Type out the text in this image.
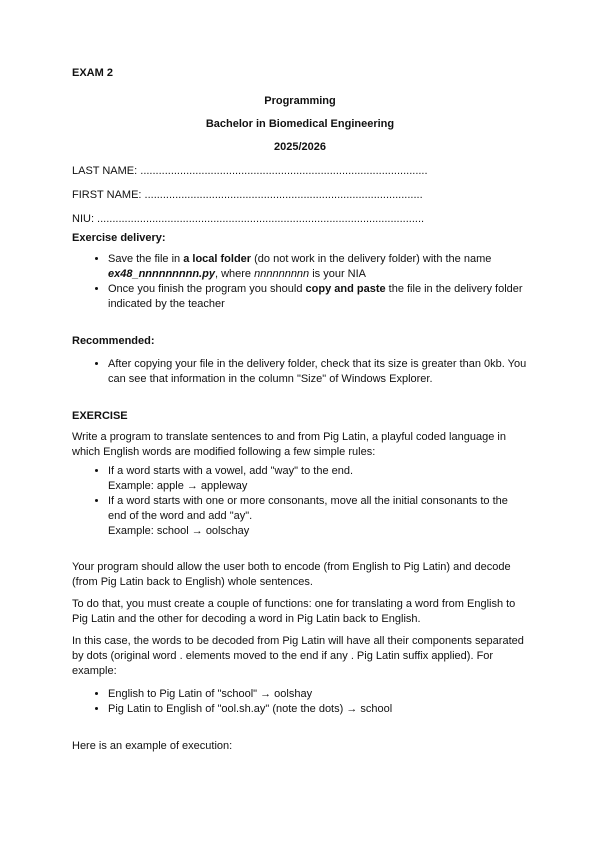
EXAM 2
Programming
Bachelor in Biomedical Engineering
2025/2026
LAST NAME: ..............................................................................................
FIRST NAME: ...........................................................................................
NIU: ...........................................................................................................
Exercise delivery:
• Save the file in a local folder (do not work in the delivery folder) with the name
ex48_nnnnnnnnn.py, where nnnnnnnnn is your NIA
• Once you finish the program you should copy and paste the file in the delivery folder indicated by the teacher
Recommended:
• After copying your file in the delivery folder, check that its size is greater than 0kb. You can see that information in the column "Size" of Windows Explorer.
EXERCISE

Write a program to translate sentences to and from Pig Latin, a playful coded language in which English words are modified following a few simple rules:

• If a word starts with a vowel, add "way" to the end.
Example: apple → appleway
• If a word starts with one or more consonants, move all the initial consonants to the end of the word and add "ay".
Example: school → oolschay

Your program should allow the user both to encode (from English to Pig Latin) and decode (from Pig Latin back to English) whole sentences.

To do that, you must create a couple of functions: one for translating a word from English to Pig Latin and the other for decoding a word in Pig Latin back to English.

In this case, the words to be decoded from Pig Latin will have all their components separated by dots (original word . elements moved to the end if any . Pig Latin suffix applied). For example:

• English to Pig Latin of "school" → oolshay
• Pig Latin to English of "ool.sh.ay" (note the dots) → school

Here is an example of execution:
